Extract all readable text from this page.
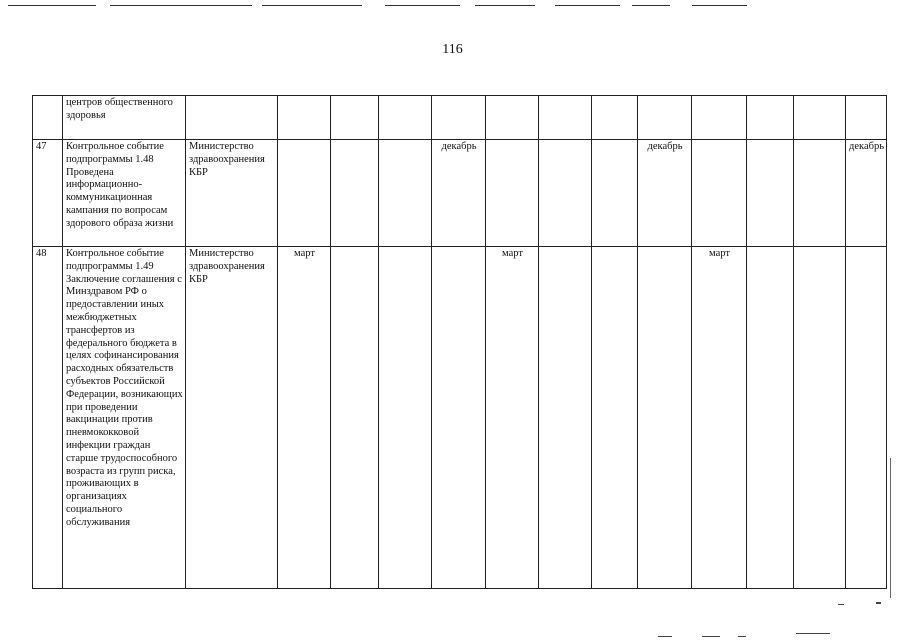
116
	центров общественного здоровья													
47	Контрольное событие подпрограммы 1.48 Проведена информационно-коммуникационная кампания по вопросам здорового образа жизни	Министерство здравоохранения КБР				декабрь				декабрь				декабрь
48	Контрольное событие подпрограммы 1.49 Заключение соглашения с Минздравом РФ о предоставлении иных межбюджетных трансфертов из федерального бюджета в целях софинансирования расходных обязательств субъектов Российской Федерации, возникающих при проведении вакцинации против пневмококковой инфекции граждан старше трудоспособного возраста из групп риска, проживающих в организациях социального обслуживания	Министерство здравоохранения КБР	март				март				март			
